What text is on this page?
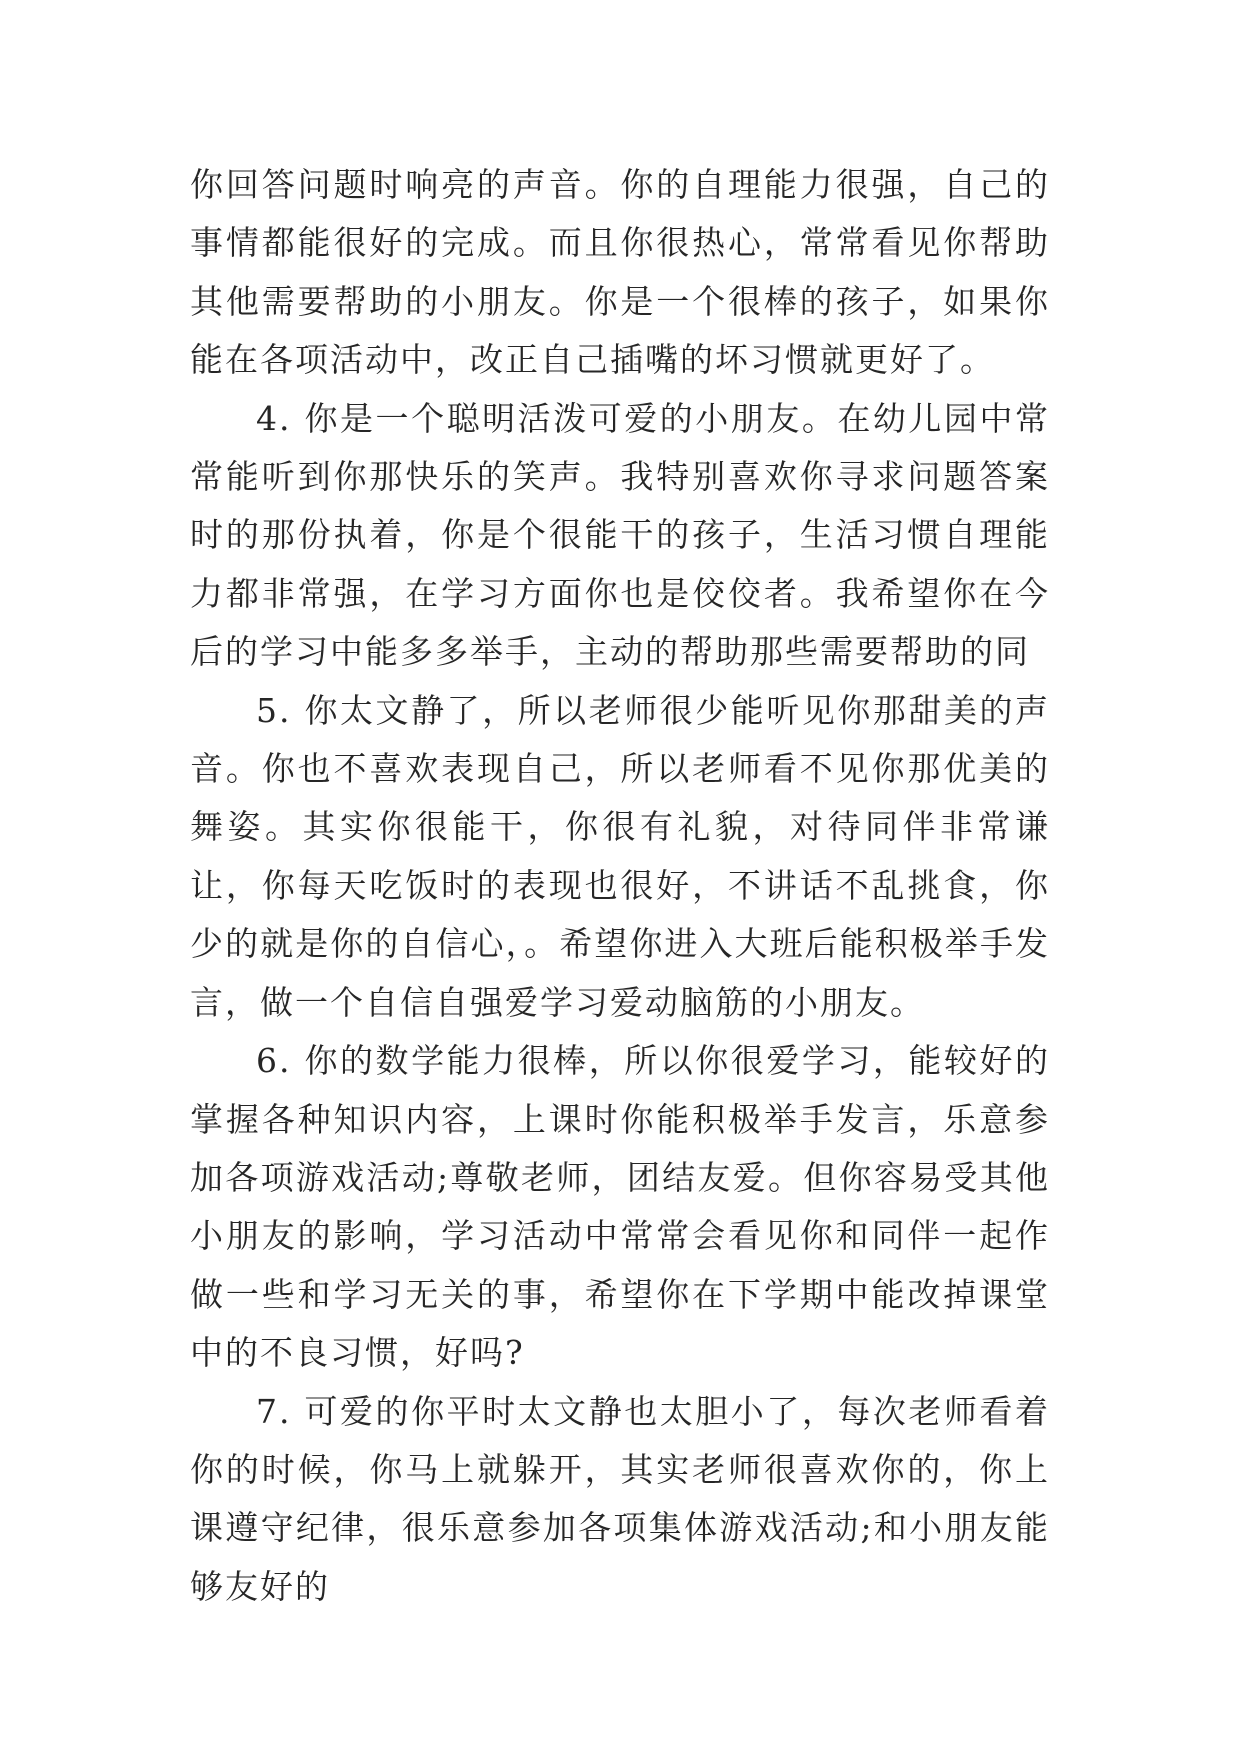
你回答问题时响亮的声音。你的自理能力很强，自己的事情都能很好的完成。而且你很热心，常常看见你帮助其他需要帮助的小朋友。你是一个很棒的孩子，如果你能在各项活动中，改正自己插嘴的坏习惯就更好了。

4. 你是一个聪明活泼可爱的小朋友。在幼儿园中常常能听到你那快乐的笑声。我特别喜欢你寻求问题答案时的那份执着，你是个很能干的孩子，生活习惯自理能力都非常强，在学习方面你也是佼佼者。我希望你在今后的学习中能多多举手，主动的帮助那些需要帮助的同

5. 你太文静了，所以老师很少能听见你那甜美的声音。你也不喜欢表现自己，所以老师看不见你那优美的舞姿。其实你很能干，你很有礼貌，对待同伴非常谦让，你每天吃饭时的表现也很好，不讲话不乱挑食，你少的就是你的自信心，。希望你进入大班后能积极举手发言，做一个自信自强爱学习爱动脑筋的小朋友。

6. 你的数学能力很棒，所以你很爱学习，能较好的掌握各种知识内容，上课时你能积极举手发言，乐意参加各项游戏活动;尊敬老师，团结友爱。但你容易受其他小朋友的影响，学习活动中常常会看见你和同伴一起作做一些和学习无关的事，希望你在下学期中能改掉课堂中的不良习惯，好吗?

7. 可爱的你平时太文静也太胆小了，每次老师看着你的时候，你马上就躲开，其实老师很喜欢你的，你上课遵守纪律，很乐意参加各项集体游戏活动;和小朋友能够友好的
